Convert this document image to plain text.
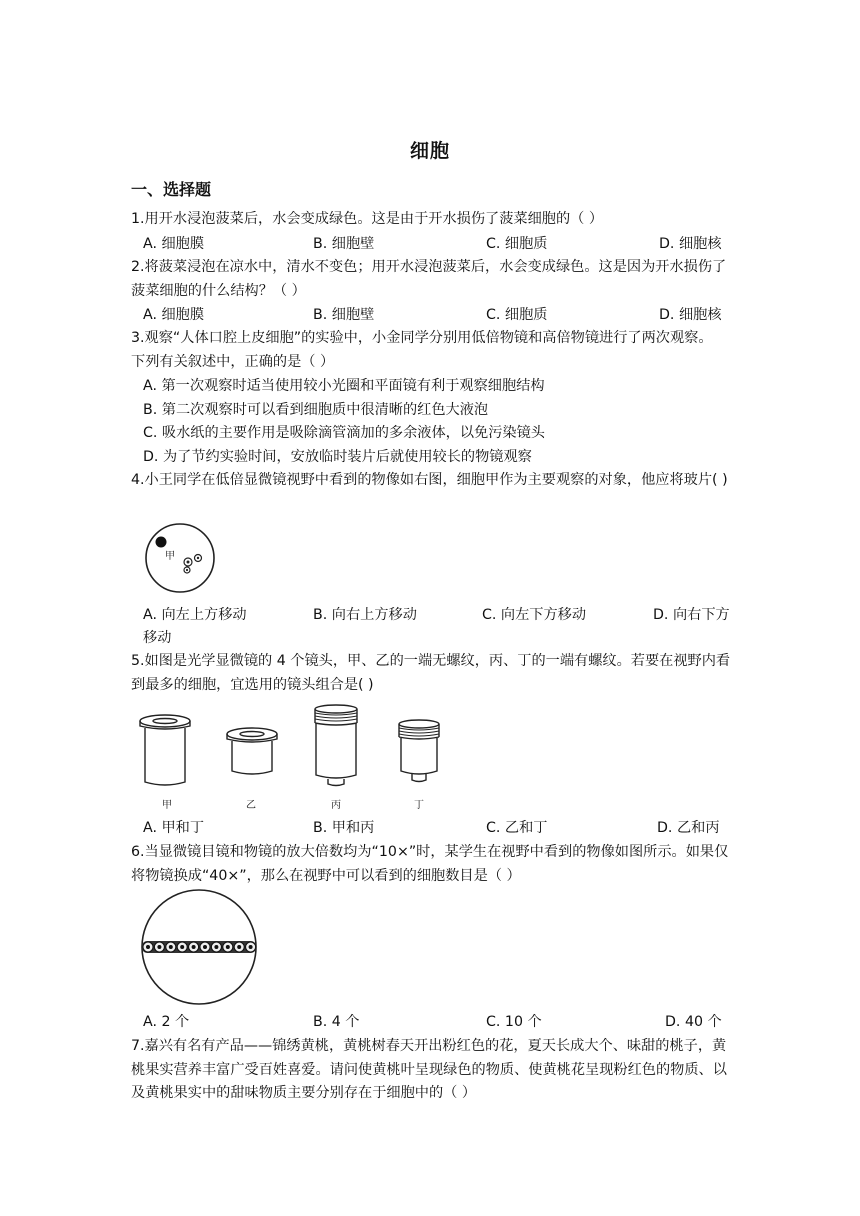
细胞
一、选择题
1.用开水浸泡菠菜后，水会变成绿色。这是由于开水损伤了菠菜细胞的（ ）
A. 细胞膜	B. 细胞壁	C. 细胞质	D. 细胞核
2.将菠菜浸泡在凉水中，清水不变色；用开水浸泡菠菜后，水会变成绿色。这是因为开水损伤了菠菜细胞的什么结构？（ ）
A. 细胞膜	B. 细胞壁	C. 细胞质	D. 细胞核
3.观察“人体口腔上皮细胞”的实验中，小金同学分别用低倍物镜和高倍物镜进行了两次观察。 下列有关叙述中，正确的是（ ）
A. 第一次观察时适当使用较小光圈和平面镜有利于观察细胞结构
B. 第二次观察时可以看到细胞质中很清晰的红色大液泡
C. 吸水纸的主要作用是吸除滴管滴加的多余液体，以免污染镜头
D. 为了节约实验时间，安放临时装片后就使用较长的物镜观察
4.小王同学在低倍显微镜视野中看到的物像如右图，细胞甲作为主要观察的对象，他应将玻片( )
甲
A. 向左上方移动	B. 向右上方移动	C. 向左下方移动	D. 向右下方
移动
5.如图是光学显微镜的 4 个镜头，甲、乙的一端无螺纹，丙、丁的一端有螺纹。若要在视野内看到最多的细胞，宜选用的镜头组合是( )
甲	乙	丙	丁
A. 甲和丁	B. 甲和丙	C. 乙和丁	D. 乙和丙
6.当显微镜目镜和物镜的放大倍数均为“10×”时，某学生在视野中看到的物像如图所示。如果仅将物镜换成“40×”，那么在视野中可以看到的细胞数目是（ ）
A. 2 个	B. 4 个	C. 10 个	D. 40 个
7.嘉兴有名有产品——锦绣黄桃，黄桃树春天开出粉红色的花，夏天长成大个、味甜的桃子，黄桃果实营养丰富广受百姓喜爱。请问使黄桃叶呈现绿色的物质、使黄桃花呈现粉红色的物质、以及黄桃果实中的甜味物质主要分别存在于细胞中的（ ）
